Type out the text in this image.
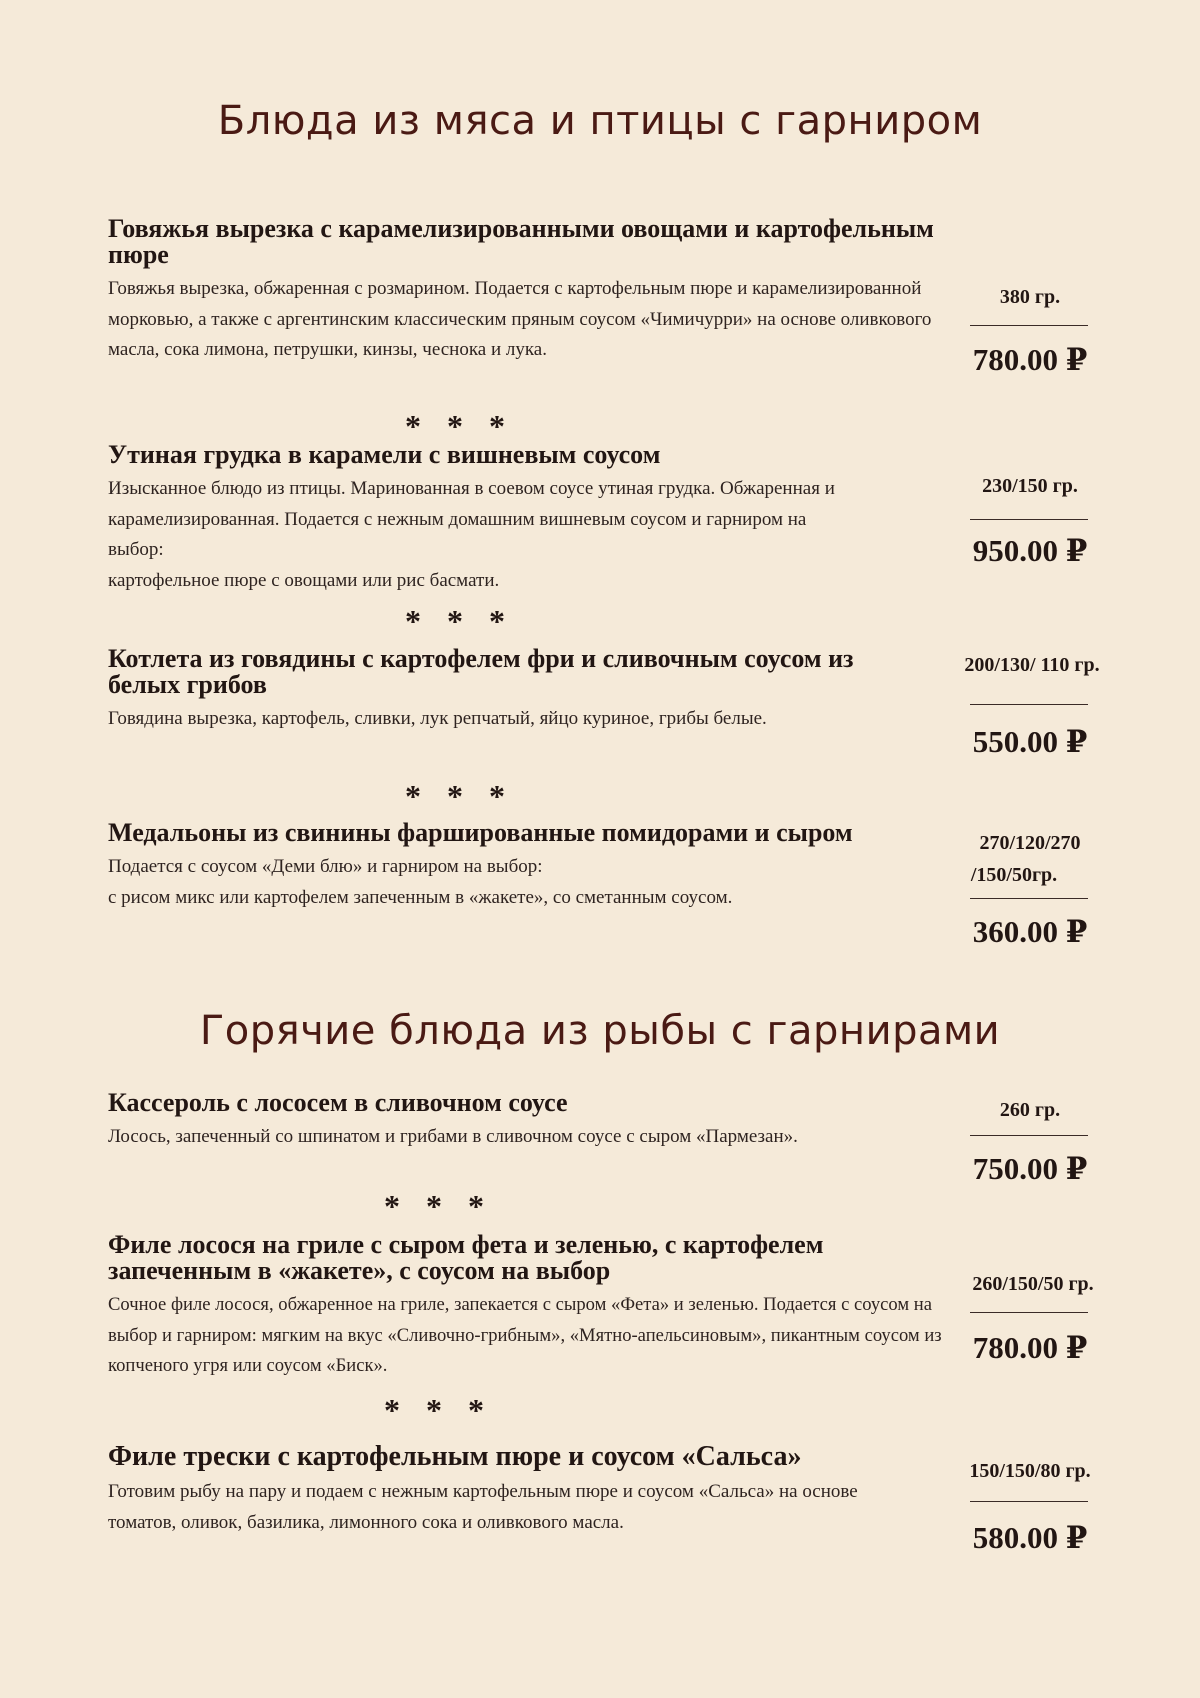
Блюда из мяса и птицы с гарниром

Говяжья вырезка с карамелизированными овощами и картофельным пюре

Говяжья вырезка, обжаренная с розмарином. Подается с картофельным пюре и карамелизированной морковью, а также с аргентинским классическим пряным соусом «Чимичурри» на основе оливкового масла, сока лимона, петрушки, кинзы, чеснока и лука.

380 гр.
780.00 ₽
***

Утиная грудка в карамели с вишневым соусом

Изысканное блюдо из птицы. Маринованная в соевом соусе утиная грудка. Обжаренная и карамелизированная. Подается с нежным домашним вишневым соусом и гарниром на выбор:

картофельное пюре с овощами или рис басмати.

230/150 гр.
950.00 ₽
***

Котлета из говядины с картофелем фри и сливочным соусом из белых грибов

Говядина вырезка, картофель, сливки, лук репчатый, яйцо куриное, грибы белые.

200/130/ 110 гр.
550.00 ₽
***

Медальоны из свинины фаршированные помидорами и сыром

Подается с соусом «Деми блю» и гарниром на выбор:

с рисом микс или картофелем запеченным в «жакете», со сметанным соусом.

270/120/270
/150/50гр.
360.00 ₽
Горячие блюда из рыбы с гарнирами

Кассероль с лососем в сливочном соусе

Лосось, запеченный со шпинатом и грибами в сливочном соусе с сыром «Пармезан».

260 гр.
750.00 ₽
***

Филе лосося на гриле с сыром фета и зеленью, с картофелем запеченным в «жакете», с соусом на выбор

Сочное филе лосося, обжаренное на гриле, запекается с сыром «Фета» и зеленью. Подается с соусом на выбор и гарниром: мягким на вкус «Сливочно-грибным», «Мятно-апельсиновым», пикантным соусом из копченого угря или соусом «Биск».

260/150/50 гр.
780.00 ₽
***

Филе трески с картофельным пюре и соусом «Сальса»

Готовим рыбу на пару и подаем с нежным картофельным пюре и соусом «Сальса» на основе томатов, оливок, базилика, лимонного сока и оливкового масла.

150/150/80 гр.
580.00 ₽
